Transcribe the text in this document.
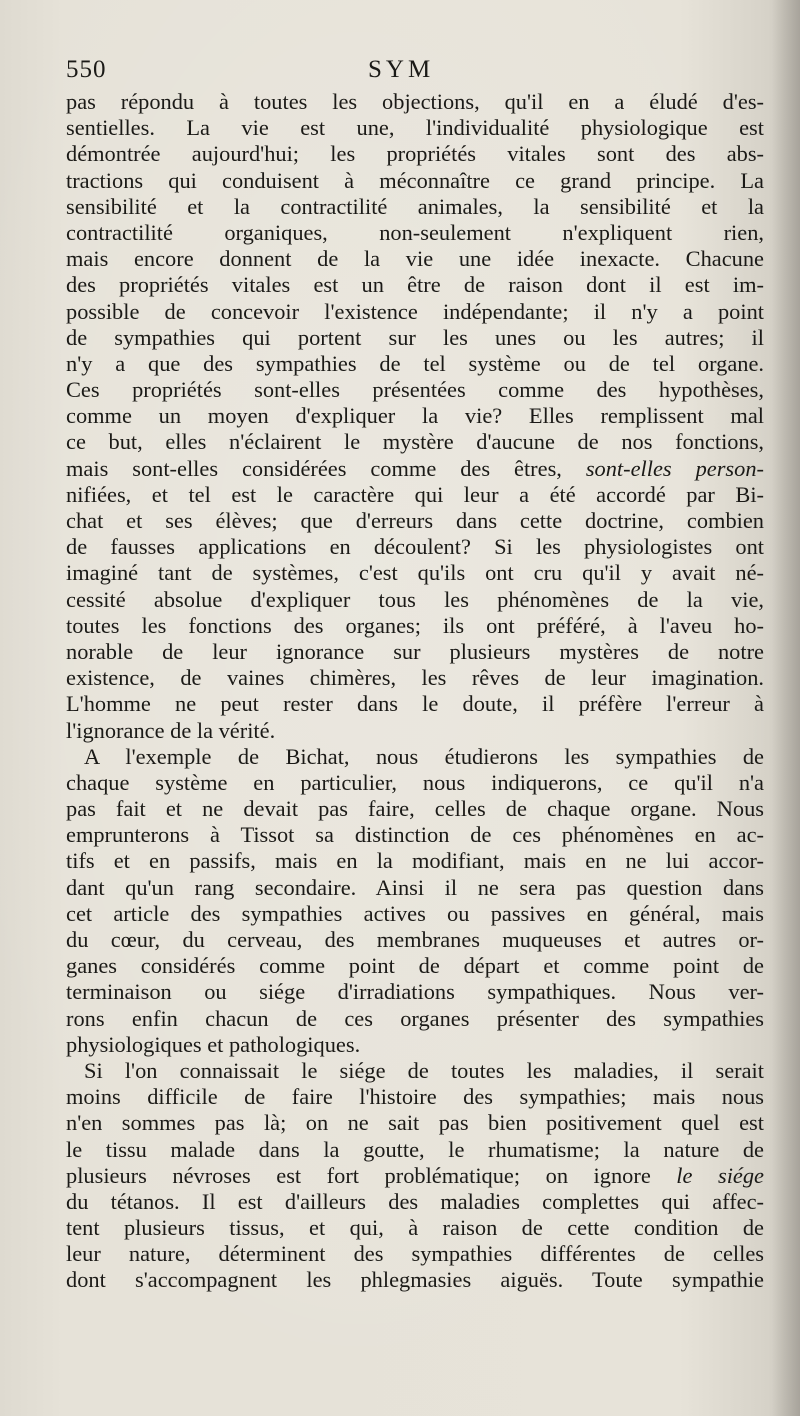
550	SYM
pas répondu à toutes les objections, qu'il en a éludé d'es-
sentielles. La vie est une, l'individualité physiologique est
démontrée aujourd'hui; les propriétés vitales sont des abs-
tractions qui conduisent à méconnaître ce grand principe. La
sensibilité et la contractilité animales, la sensibilité et la
contractilité organiques, non-seulement n'expliquent rien,
mais encore donnent de la vie une idée inexacte. Chacune
des propriétés vitales est un être de raison dont il est im-
possible de concevoir l'existence indépendante; il n'y a point
de sympathies qui portent sur les unes ou les autres; il
n'y a que des sympathies de tel système ou de tel organe.
Ces propriétés sont-elles présentées comme des hypothèses,
comme un moyen d'expliquer la vie? Elles remplissent mal
ce but, elles n'éclairent le mystère d'aucune de nos fonctions,
mais sont-elles considérées comme des êtres, sont-elles person-
nifiées, et tel est le caractère qui leur a été accordé par Bi-
chat et ses élèves; que d'erreurs dans cette doctrine, combien
de fausses applications en découlent? Si les physiologistes ont
imaginé tant de systèmes, c'est qu'ils ont cru qu'il y avait né-
cessité absolue d'expliquer tous les phénomènes de la vie,
toutes les fonctions des organes; ils ont préféré, à l'aveu ho-
norable de leur ignorance sur plusieurs mystères de notre
existence, de vaines chimères, les rêves de leur imagination.
L'homme ne peut rester dans le doute, il préfère l'erreur à
l'ignorance de la vérité.
A l'exemple de Bichat, nous étudierons les sympathies de
chaque système en particulier, nous indiquerons, ce qu'il n'a
pas fait et ne devait pas faire, celles de chaque organe. Nous
emprunterons à Tissot sa distinction de ces phénomènes en ac-
tifs et en passifs, mais en la modifiant, mais en ne lui accor-
dant qu'un rang secondaire. Ainsi il ne sera pas question dans
cet article des sympathies actives ou passives en général, mais
du cœur, du cerveau, des membranes muqueuses et autres or-
ganes considérés comme point de départ et comme point de
terminaison ou siége d'irradiations sympathiques. Nous ver-
rons enfin chacun de ces organes présenter des sympathies
physiologiques et pathologiques.
Si l'on connaissait le siége de toutes les maladies, il serait
moins difficile de faire l'histoire des sympathies; mais nous
n'en sommes pas là; on ne sait pas bien positivement quel est
le tissu malade dans la goutte, le rhumatisme; la nature de
plusieurs névroses est fort problématique; on ignore le siége
du tétanos. Il est d'ailleurs des maladies complettes qui affec-
tent plusieurs tissus, et qui, à raison de cette condition de
leur nature, déterminent des sympathies différentes de celles
dont s'accompagnent les phlegmasies aiguës. Toute sympathie
